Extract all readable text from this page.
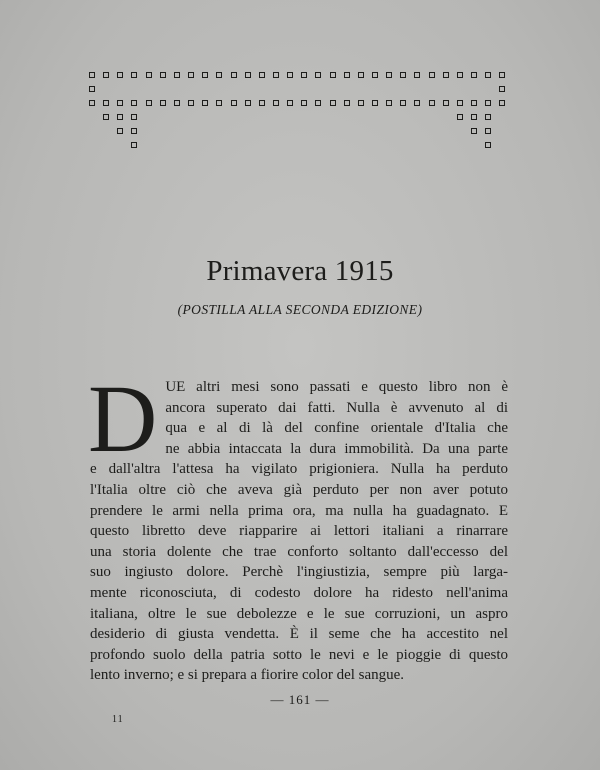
Primavera 1915
(POSTILLA ALLA SECONDA EDIZIONE)
D UE altri mesi sono passati e questo libro non è
ancora superato dai fatti. Nulla è avvenuto al di
qua e al di là del confine orientale d'Italia che
ne abbia intaccata la dura immobilità. Da una parte
e dall'altra l'attesa ha vigilato prigioniera. Nulla ha perduto
l'Italia oltre ciò che aveva già perduto per non aver potuto
prendere le armi nella prima ora, ma nulla ha guadagnato. E
questo libretto deve riapparire ai lettori italiani a rinarrare
una storia dolente che trae conforto soltanto dall'eccesso del
suo ingiusto dolore. Perchè l'ingiustizia, sempre più larga-
mente riconosciuta, di codesto dolore ha ridesto nell'anima
italiana, oltre le sue debolezze e le sue corruzioni, un aspro
desiderio di giusta vendetta. È il seme che ha accestito nel
profondo suolo della patria sotto le nevi e le pioggie di questo
lento inverno; e si prepara a fiorire color del sangue.
— 161 —
11
